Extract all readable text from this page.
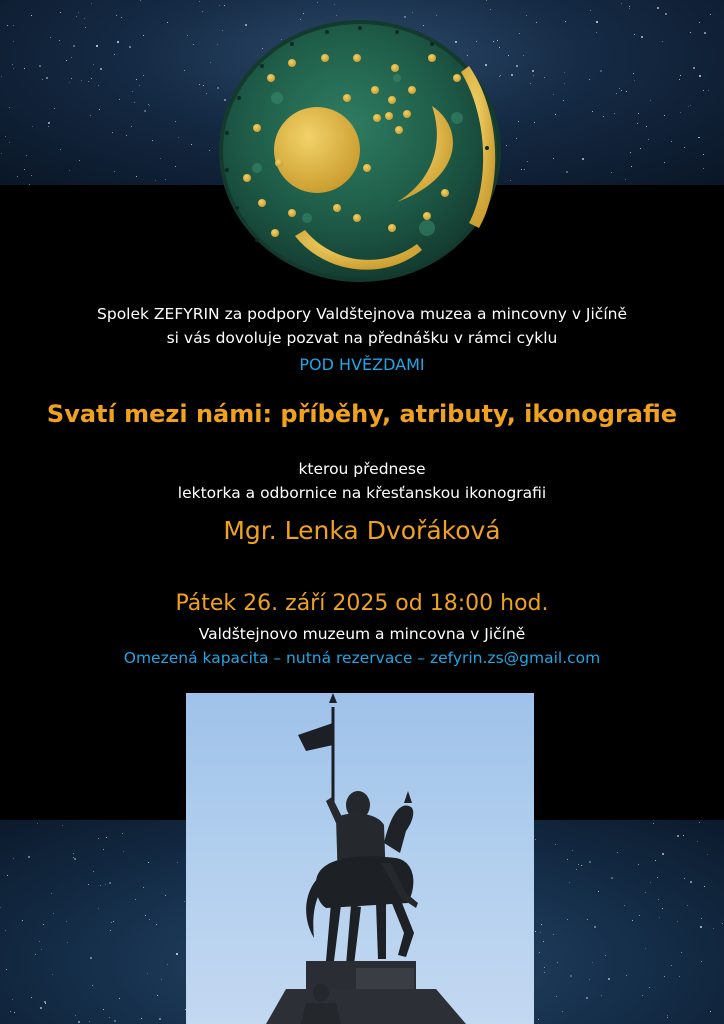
Spolek ZEFYRIN za podpory Valdštejnova muzea a mincovny v Jičíně
si vás dovoluje pozvat na přednášku v rámci cyklu
POD HVĚZDAMI
Svatí mezi námi: příběhy, atributy, ikonografie
kterou přednese
lektorka a odbornice na křesťanskou ikonografii
Mgr. Lenka Dvořáková
Pátek 26. září 2025 od 18:00 hod.
Valdštejnovo muzeum a mincovna v Jičíně
Omezená kapacita – nutná rezervace – zefyrin.zs@gmail.com
